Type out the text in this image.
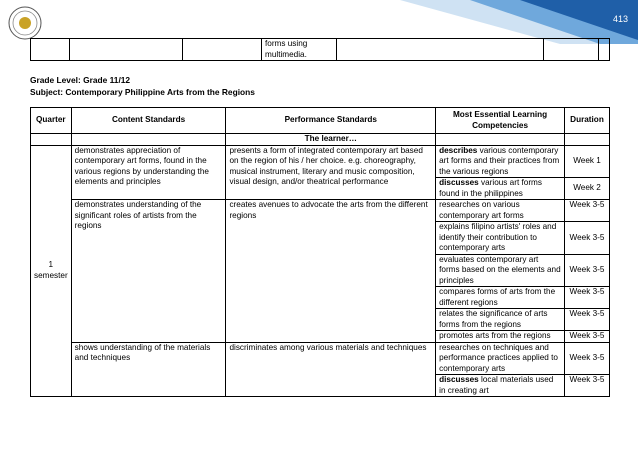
413
			forms using
multimedia.			
Grade Level: Grade 11/12
Subject: Contemporary Philippine Arts from the Regions
Quarter	Content Standards	Performance Standards	Most Essential Learning Competencies	Duration
		The learner…		
1
semester	demonstrates appreciation of contemporary art forms, found in the various regions by understanding the elements and principles	presents a form of integrated contemporary art based on the region of his / her choice. e.g. choreography, musical instrument, literary and music composition, visual design, and/or theatrical performance	describes various contemporary art forms and their practices from the various regions	Week 1
			discusses various art forms found in the philippines	Week 2
	demonstrates understanding of the significant roles of artists from the regions	creates avenues to advocate the arts from the different regions	researches on various contemporary art forms	Week 3-5
			explains filipino artists' roles and identify their contribution to contemporary arts	Week 3-5
			evaluates contemporary art forms based on the elements and principles	Week 3-5
			compares forms of arts from the different regions	Week 3-5
			relates the significance of arts forms from the regions	Week 3-5
			promotes arts from the regions	Week 3-5
	shows understanding of the materials and techniques	discriminates among various materials and techniques	researches on techniques and performance practices applied to contemporary arts	Week 3-5
			discusses local materials used in creating art	Week 3-5
